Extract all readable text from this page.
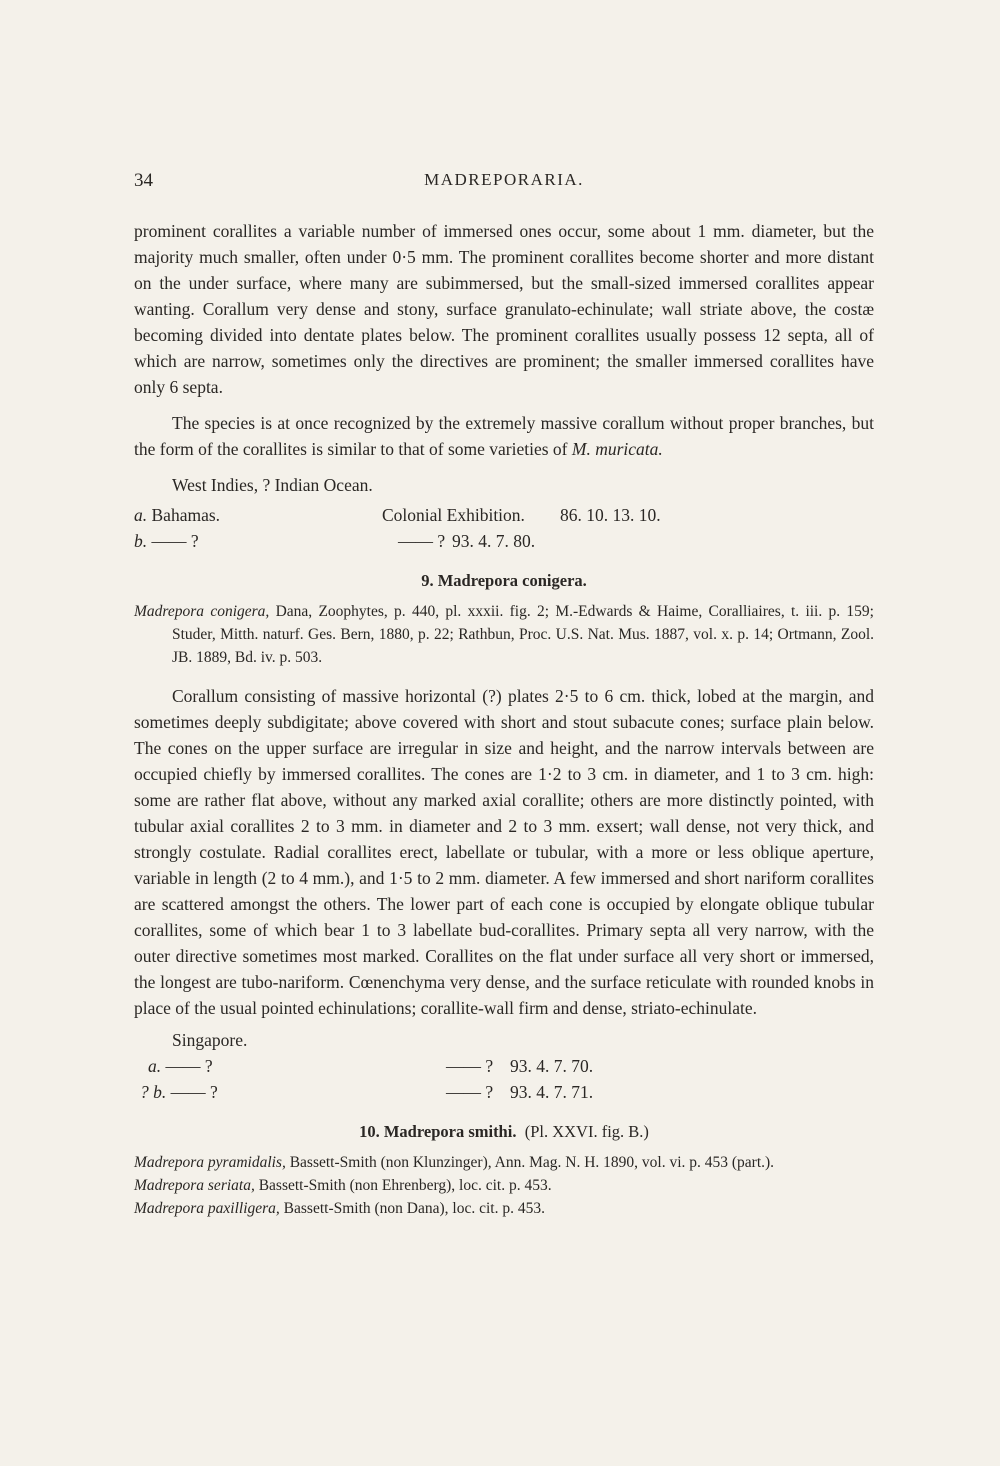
34	MADREPORARIA.

prominent corallites a variable number of immersed ones occur, some about 1 mm. diameter, but the majority much smaller, often under 0·5 mm. The prominent corallites become shorter and more distant on the under surface, where many are subimmersed, but the small-sized immersed corallites appear wanting. Corallum very dense and stony, surface granulato-echinulate; wall striate above, the costæ becoming divided into dentate plates below. The prominent corallites usually possess 12 septa, all of which are narrow, sometimes only the directives are prominent; the smaller immersed corallites have only 6 septa.

The species is at once recognized by the extremely massive corallum without proper branches, but the form of the corallites is similar to that of some varieties of M. muricata.

West Indies, ? Indian Ocean.
a. Bahamas.	Colonial Exhibition. 86. 10. 13. 10.
b. —— ?	—— ? 93. 4. 7. 80.
9. Madrepora conigera.
Madrepora conigera, Dana, Zoophytes, p. 440, pl. xxxii. fig. 2; M.-Edwards & Haime, Coralliaires, t. iii. p. 159; Studer, Mitth. naturf. Ges. Bern, 1880, p. 22; Rathbun, Proc. U.S. Nat. Mus. 1887, vol. x. p. 14; Ortmann, Zool. JB. 1889, Bd. iv. p. 503.

Corallum consisting of massive horizontal (?) plates 2·5 to 6 cm. thick, lobed at the margin, and sometimes deeply subdigitate; above covered with short and stout subacute cones; surface plain below. The cones on the upper surface are irregular in size and height, and the narrow intervals between are occupied chiefly by immersed corallites. The cones are 1·2 to 3 cm. in diameter, and 1 to 3 cm. high: some are rather flat above, without any marked axial corallite; others are more distinctly pointed, with tubular axial corallites 2 to 3 mm. in diameter and 2 to 3 mm. exsert; wall dense, not very thick, and strongly costulate. Radial corallites erect, labellate or tubular, with a more or less oblique aperture, variable in length (2 to 4 mm.), and 1·5 to 2 mm. diameter. A few immersed and short nariform corallites are scattered amongst the others. The lower part of each cone is occupied by elongate oblique tubular corallites, some of which bear 1 to 3 labellate bud-corallites. Primary septa all very narrow, with the outer directive sometimes most marked. Corallites on the flat under surface all very short or immersed, the longest are tubo-nariform. Cœnenchyma very dense, and the surface reticulate with rounded knobs in place of the usual pointed echinulations; corallite-wall firm and dense, striato-echinulate.

Singapore.
a. —— ?	—— ? 93. 4. 7. 70.
? b. —— ?	—— ? 93. 4. 7. 71.
10. Madrepora smithi. (Pl. XXVI. fig. B.)
Madrepora pyramidalis, Bassett-Smith (non Klunzinger), Ann. Mag. N. H. 1890, vol. vi. p. 453 (part.).
Madrepora seriata, Bassett-Smith (non Ehrenberg), loc. cit. p. 453.
Madrepora paxilligera, Bassett-Smith (non Dana), loc. cit. p. 453.
